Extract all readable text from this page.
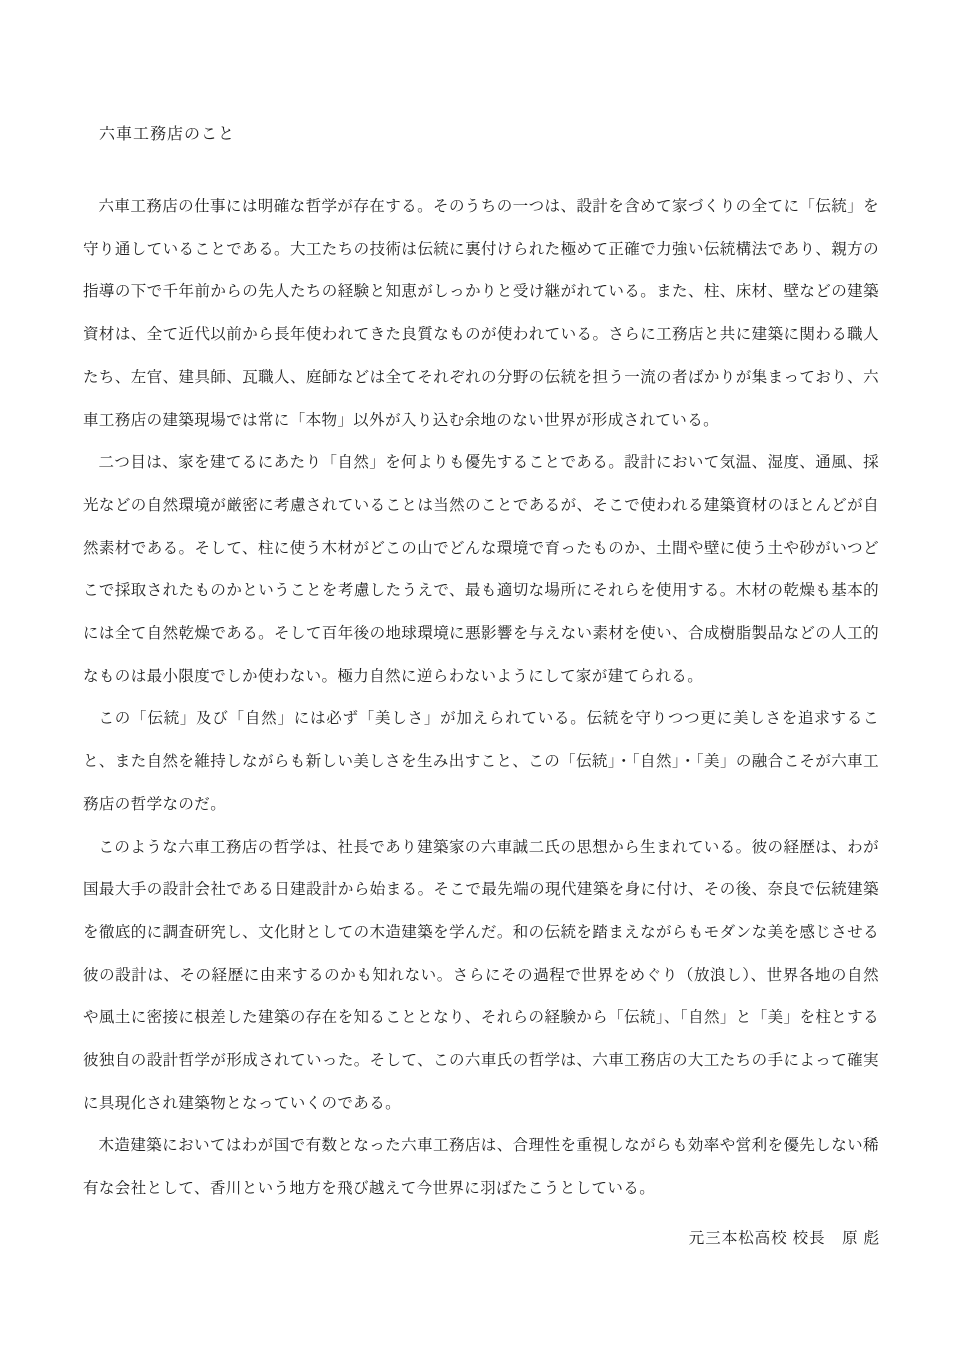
六車工務店のこと

六車工務店の仕事には明確な哲学が存在する。そのうちの一つは、設計を含めて家づくりの全てに「伝統」を守り通していることである。大工たちの技術は伝統に裏付けられた極めて正確で力強い伝統構法であり、親方の指導の下で千年前からの先人たちの経験と知恵がしっかりと受け継がれている。また、柱、床材、壁などの建築資材は、全て近代以前から長年使われてきた良質なものが使われている。さらに工務店と共に建築に関わる職人たち、左官、建具師、瓦職人、庭師などは全てそれぞれの分野の伝統を担う一流の者ばかりが集まっており、六車工務店の建築現場では常に「本物」以外が入り込む余地のない世界が形成されている。

二つ目は、家を建てるにあたり「自然」を何よりも優先することである。設計において気温、湿度、通風、採光などの自然環境が厳密に考慮されていることは当然のことであるが、そこで使われる建築資材のほとんどが自然素材である。そして、柱に使う木材がどこの山でどんな環境で育ったものか、土間や壁に使う土や砂がいつどこで採取されたものかということを考慮したうえで、最も適切な場所にそれらを使用する。木材の乾燥も基本的には全て自然乾燥である。そして百年後の地球環境に悪影響を与えない素材を使い、合成樹脂製品などの人工的なものは最小限度でしか使わない。極力自然に逆らわないようにして家が建てられる。

この「伝統」及び「自然」には必ず「美しさ」が加えられている。伝統を守りつつ更に美しさを追求すること、また自然を維持しながらも新しい美しさを生み出すこと、この「伝統」・「自然」・「美」の融合こそが六車工務店の哲学なのだ。

このような六車工務店の哲学は、社長であり建築家の六車誠二氏の思想から生まれている。彼の経歴は、わが国最大手の設計会社である日建設計から始まる。そこで最先端の現代建築を身に付け、その後、奈良で伝統建築を徹底的に調査研究し、文化財としての木造建築を学んだ。和の伝統を踏まえながらもモダンな美を感じさせる彼の設計は、その経歴に由来するのかも知れない。さらにその過程で世界をめぐり（放浪し）、世界各地の自然や風土に密接に根差した建築の存在を知ることとなり、それらの経験から「伝統」、「自然」と「美」を柱とする彼独自の設計哲学が形成されていった。そして、この六車氏の哲学は、六車工務店の大工たちの手によって確実に具現化され建築物となっていくのである。

木造建築においてはわが国で有数となった六車工務店は、合理性を重視しながらも効率や営利を優先しない稀有な会社として、香川という地方を飛び越えて今世界に羽ばたこうとしている。

元三本松高校 校長　原 彪
